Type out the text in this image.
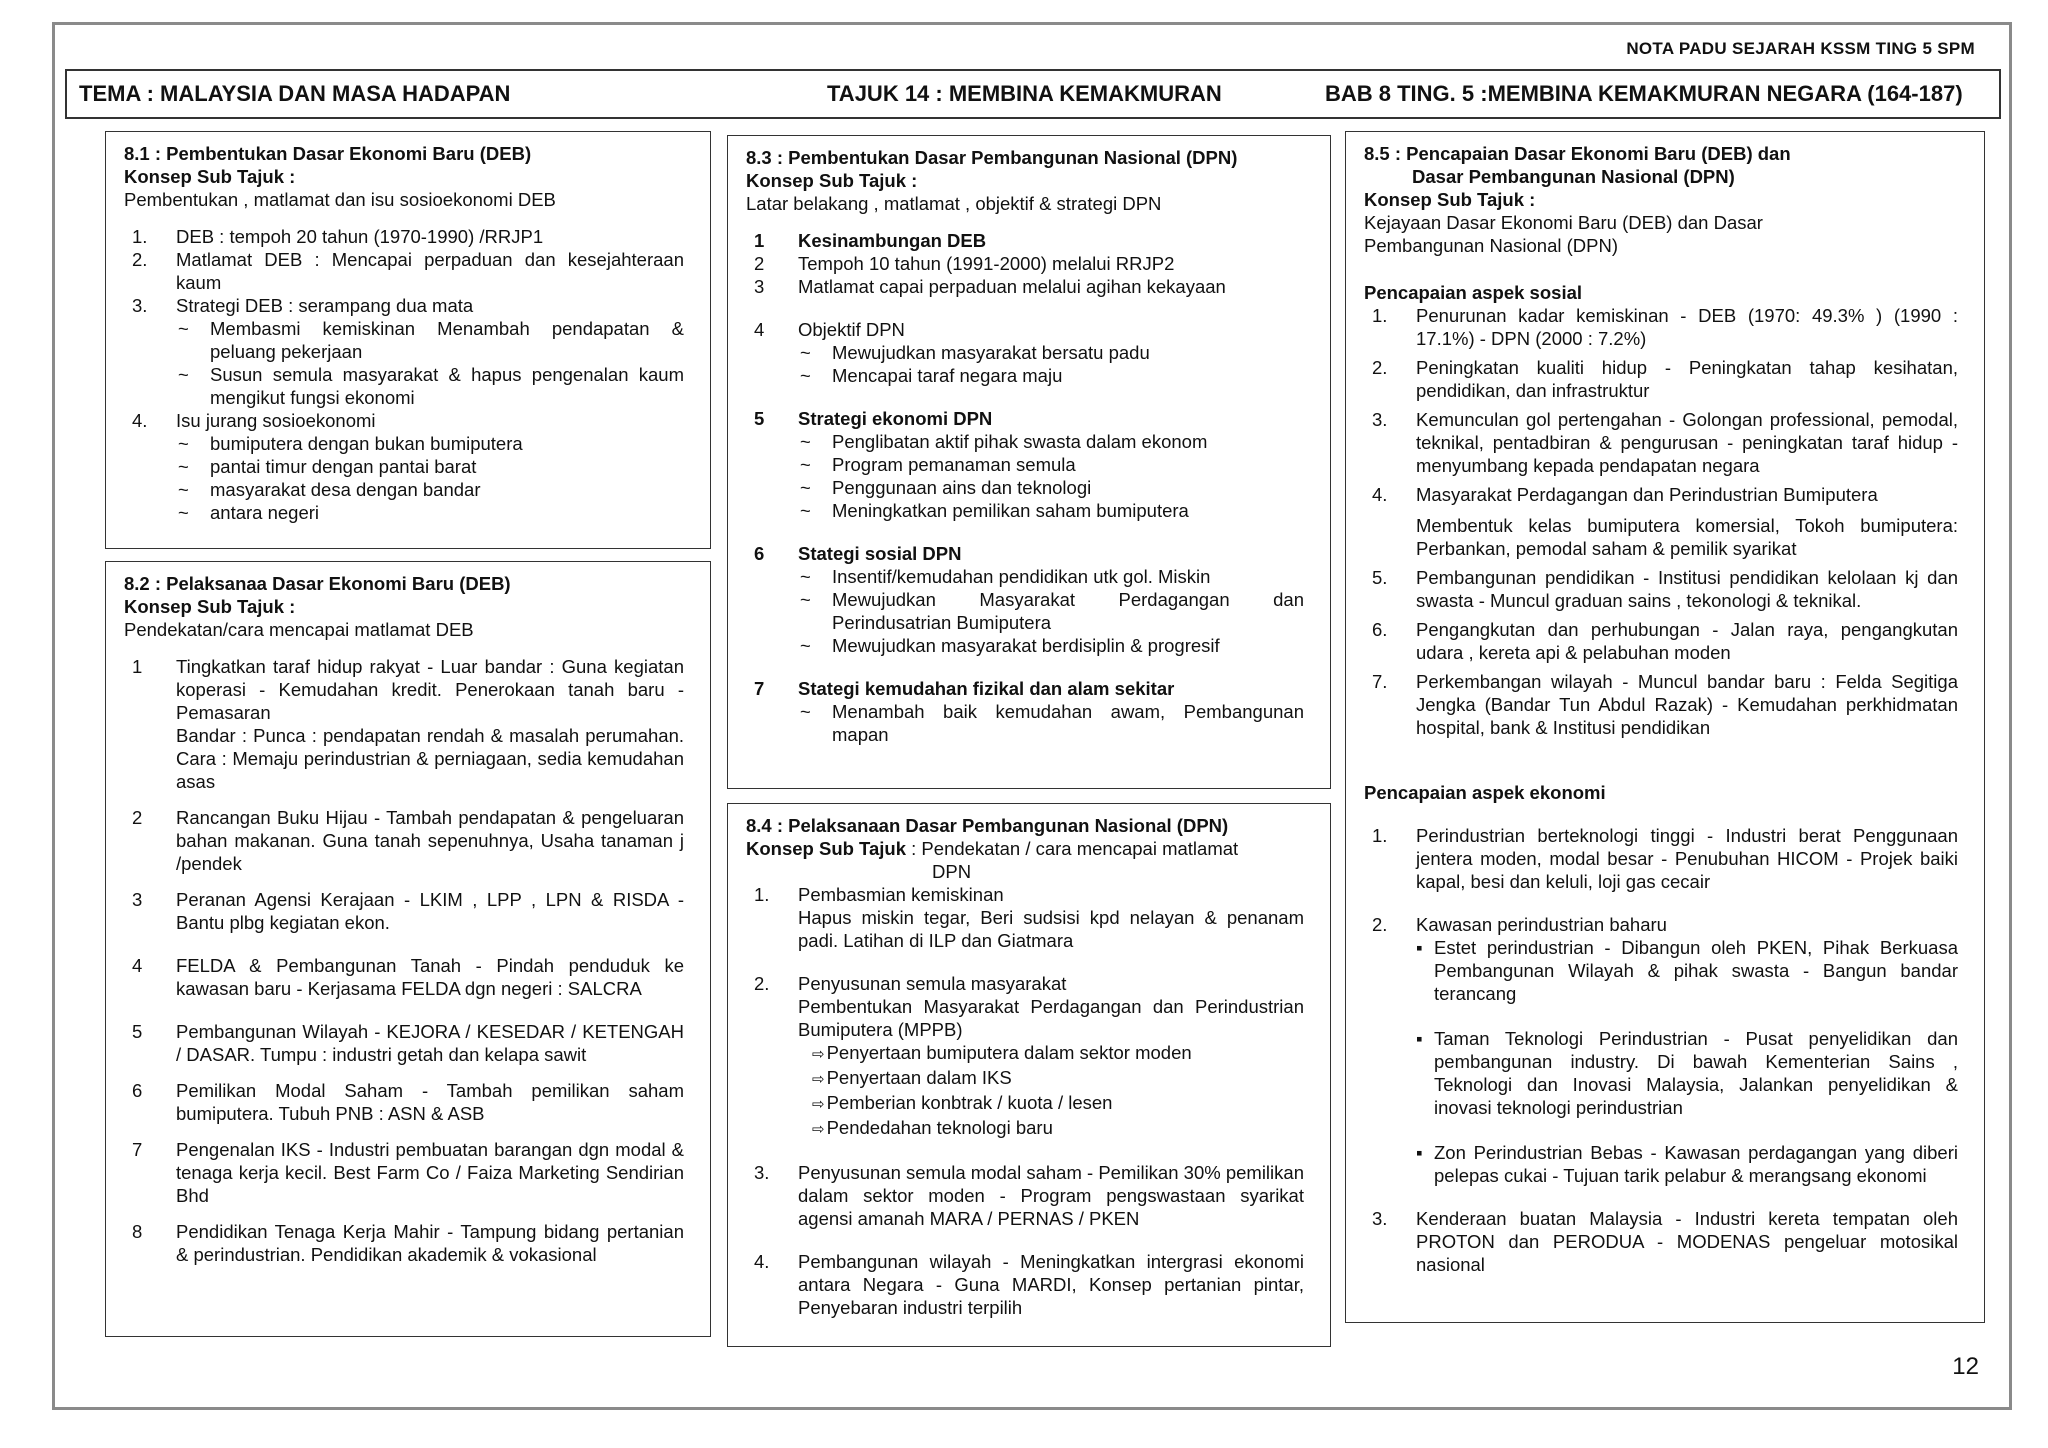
NOTA PADU SEJARAH KSSM TING 5 SPM
TEMA : MALAYSIA DAN MASA HADAPAN	TAJUK 14 : MEMBINA KEMAKMURAN	BAB 8 TING. 5 :MEMBINA KEMAKMURAN NEGARA (164-187)

8.1 : Pembentukan Dasar Ekonomi Baru (DEB)

Konsep Sub Tajuk :

Pembentukan , matlamat dan isu sosioekonomi DEB

1. DEB : tempoh 20 tahun (1970-1990) /RRJP1
2. Matlamat DEB : Mencapai perpaduan dan kesejahteraan kaum
3. Strategi DEB : serampang dua mata
~ Membasmi kemiskinan Menambah pendapatan & peluang pekerjaan
~ Susun semula masyarakat & hapus pengenalan kaum mengikut fungsi ekonomi
4. Isu jurang sosioekonomi
~ bumiputera dengan bukan bumiputera
~ pantai timur dengan pantai barat
~ masyarakat desa dengan bandar
~ antara negeri

8.2 : Pelaksanaa Dasar Ekonomi Baru (DEB)

Konsep Sub Tajuk :

Pendekatan/cara mencapai matlamat DEB

1 Tingkatkan taraf hidup rakyat - Luar bandar : Guna kegiatan koperasi - Kemudahan kredit. Penerokaan tanah baru - Pemasaran
Bandar : Punca : pendapatan rendah & masalah perumahan. Cara : Memaju perindustrian & perniagaan, sedia kemudahan asas
2 Rancangan Buku Hijau - Tambah pendapatan & pengeluaran bahan makanan. Guna tanah sepenuhnya, Usaha tanaman j /pendek
3 Peranan Agensi Kerajaan - LKIM , LPP , LPN & RISDA - Bantu plbg kegiatan ekon.
4 FELDA & Pembangunan Tanah - Pindah penduduk ke kawasan baru - Kerjasama FELDA dgn negeri : SALCRA
5 Pembangunan Wilayah - KEJORA / KESEDAR / KETENGAH / DASAR. Tumpu : industri getah dan kelapa sawit
6 Pemilikan Modal Saham - Tambah pemilikan saham bumiputera. Tubuh PNB : ASN & ASB
7 Pengenalan IKS - Industri pembuatan barangan dgn modal & tenaga kerja kecil. Best Farm Co / Faiza Marketing Sendirian Bhd
8 Pendidikan Tenaga Kerja Mahir - Tampung bidang pertanian & perindustrian. Pendidikan akademik & vokasional

8.3 : Pembentukan Dasar Pembangunan Nasional (DPN)

Konsep Sub Tajuk :

Latar belakang , matlamat , objektif & strategi DPN

1 Kesinambungan DEB
2 Tempoh 10 tahun (1991-2000) melalui RRJP2
3 Matlamat capai perpaduan melalui agihan kekayaan
4 Objektif DPN
~ Mewujudkan masyarakat bersatu padu
~ Mencapai taraf negara maju
5 Strategi ekonomi DPN
~ Penglibatan aktif pihak swasta dalam ekonom
~ Program pemanaman semula
~ Penggunaan ains dan teknologi
~ Meningkatkan pemilikan saham bumiputera
6 Stategi sosial DPN
~ Insentif/kemudahan pendidikan utk gol. Miskin
~ Mewujudkan Masyarakat Perdagangan dan Perindusatrian Bumiputera
~ Mewujudkan masyarakat berdisiplin & progresif
7 Stategi kemudahan fizikal dan alam sekitar
~ Menambah baik kemudahan awam, Pembangunan mapan

8.4 : Pelaksanaan Dasar Pembangunan Nasional (DPN)

Konsep Sub Tajuk : Pendekatan / cara mencapai matlamat

DPN

1. Pembasmian kemiskinan
Hapus miskin tegar, Beri sudsisi kpd nelayan & penanam padi. Latihan di ILP dan Giatmara
2. Penyusunan semula masyarakat
Pembentukan Masyarakat Perdagangan dan Perindustrian Bumiputera (MPPB)
⇨ Penyertaan bumiputera dalam sektor moden
⇨ Penyertaan dalam IKS
⇨ Pemberian konbtrak / kuota / lesen
⇨ Pendedahan teknologi baru
3. Penyusunan semula modal saham - Pemilikan 30% pemilikan dalam sektor moden - Program pengswastaan syarikat agensi amanah MARA / PERNAS / PKEN
4. Pembangunan wilayah - Meningkatkan intergrasi ekonomi antara Negara - Guna MARDI, Konsep pertanian pintar, Penyebaran industri terpilih

8.5 : Pencapaian Dasar Ekonomi Baru (DEB) dan

Dasar Pembangunan Nasional (DPN)

Konsep Sub Tajuk :

Kejayaan Dasar Ekonomi Baru (DEB) dan Dasar Pembangunan Nasional (DPN)

Pencapaian aspek sosial

1. Penurunan kadar kemiskinan - DEB (1970: 49.3% ) (1990 : 17.1%) - DPN (2000 : 7.2%)
2. Peningkatan kualiti hidup - Peningkatan tahap kesihatan, pendidikan, dan infrastruktur
3. Kemunculan gol pertengahan - Golongan professional, pemodal, teknikal, pentadbiran & pengurusan - peningkatan taraf hidup - menyumbang kepada pendapatan negara
4. Masyarakat Perdagangan dan Perindustrian Bumiputera

Membentuk kelas bumiputera komersial, Tokoh bumiputera: Perbankan, pemodal saham & pemilik syarikat
5. Pembangunan pendidikan - Institusi pendidikan kelolaan kj dan swasta - Muncul graduan sains , tekonologi & teknikal.
6. Pengangkutan dan perhubungan - Jalan raya, pengangkutan udara , kereta api & pelabuhan moden
7. Perkembangan wilayah - Muncul bandar baru : Felda Segitiga Jengka (Bandar Tun Abdul Razak) - Kemudahan perkhidmatan hospital, bank & Institusi pendidikan

Pencapaian aspek ekonomi

1. Perindustrian berteknologi tinggi - Industri berat Penggunaan jentera moden, modal besar - Penubuhan HICOM - Projek baiki kapal, besi dan keluli, loji gas cecair
2. Kawasan perindustrian baharu
▪ Estet perindustrian - Dibangun oleh PKEN, Pihak Berkuasa Pembangunan Wilayah & pihak swasta - Bangun bandar terancang
▪ Taman Teknologi Perindustrian - Pusat penyelidikan dan pembangunan industry. Di bawah Kementerian Sains , Teknologi dan Inovasi Malaysia, Jalankan penyelidikan & inovasi teknologi perindustrian
▪ Zon Perindustrian Bebas - Kawasan perdagangan yang diberi pelepas cukai - Tujuan tarik pelabur & merangsang ekonomi
3. Kenderaan buatan Malaysia - Industri kereta tempatan oleh PROTON dan PERODUA - MODENAS pengeluar motosikal nasional
12
